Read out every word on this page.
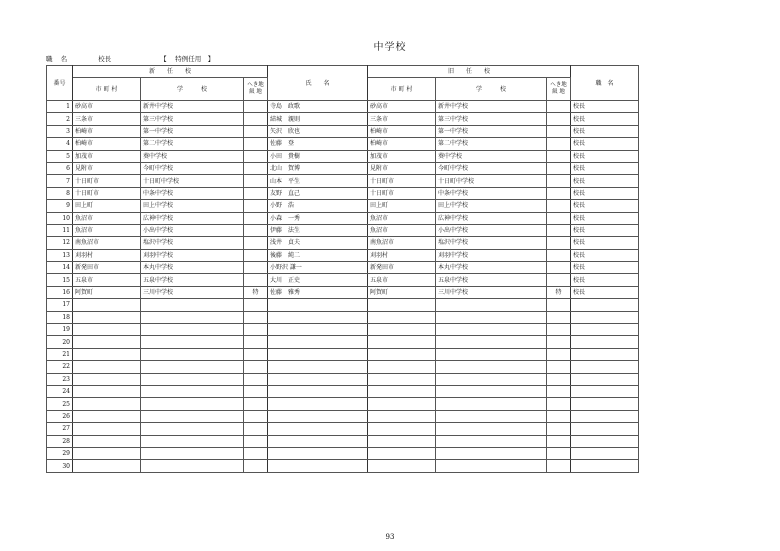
中学校
職 名	校長	【　 特例任用　】
番号	新　　任　　校			氏　　名	旧　　任　　校			職　名
	市 町 村	学　　　校	へき地
級 地		市 町 村	学　　　校	へき地
級 地	
1	砂高市	新井中学校		寺島　政歌	砂高市	新井中学校		校長
2	三条市	第三中学校		結城　親則	三条市	第三中学校		校長
3	柏崎市	第一中学校		矢沢　欣也	柏崎市	第一中学校		校長
4	柏崎市	第二中学校		佐藤　登	柏崎市	第二中学校		校長
5	加茂市	葵中学校		小田　貴樹	加茂市	葵中学校		校長
6	見附市	今町中学校		北山　賀博	見附市	今町中学校		校長
7	十日町市	十日町中学校		山本　平生	十日町市	十日町中学校		校長
8	十日町市	中条中学校		友野　直己	十日町市	中条中学校		校長
9	田上町	田上中学校		小野　浩	田上町	田上中学校		校長
10	魚沼市	広神中学校		小森　一秀	魚沼市	広神中学校		校長
11	魚沼市	小出中学校		伊藤　法生	魚沼市	小出中学校		校長
12	南魚沼市	塩沢中学校		浅井　貞夫	南魚沼市	塩沢中学校		校長
13	刈羽村	刈羽中学校		後藤　純二	刈羽村	刈羽中学校		校長
14	新発田市	本丸中学校		小野沢 謙一	新発田市	本丸中学校		校長
15	五泉市	五泉中学校		大川　正史	五泉市	五泉中学校		校長
16	阿賀町	三川中学校	特	佐藤　雅秀	阿賀町	三川中学校	特	校長
17								
18								
19								
20								
21								
22								
23								
24								
25								
26								
27								
28								
29								
30								
93
